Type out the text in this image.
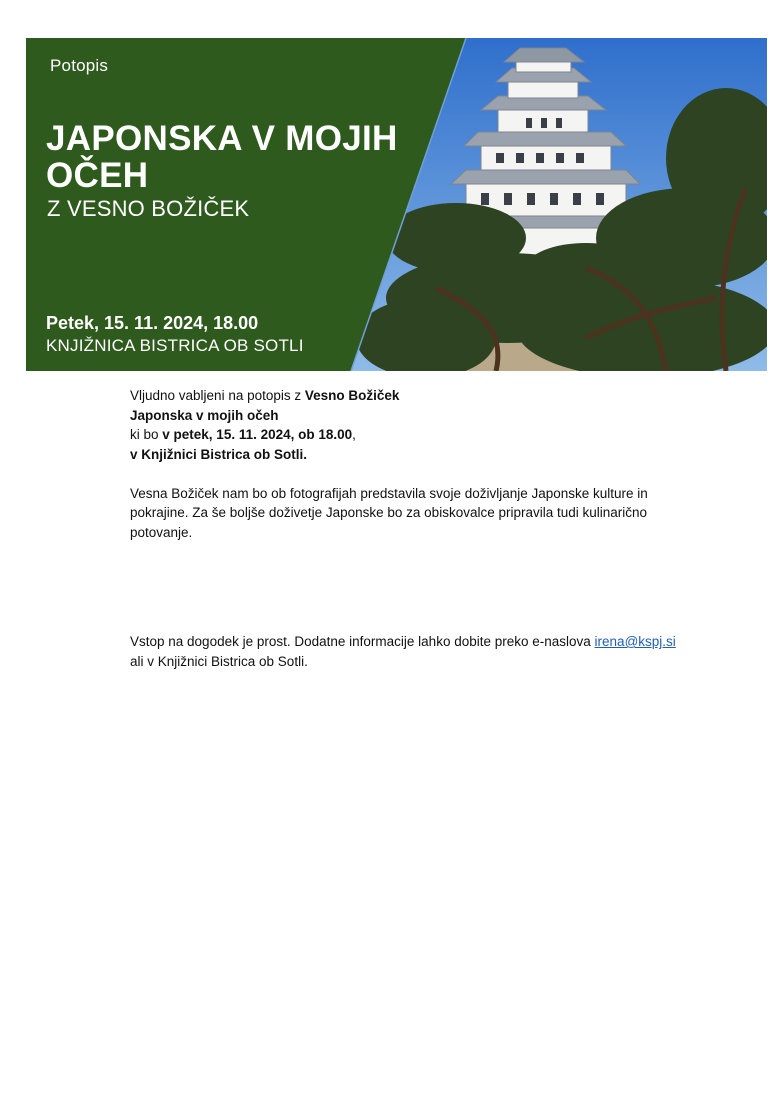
Potopis
JAPONSKA V MOJIH
OČEH
Z VESNO BOŽIČEK
Petek, 15. 11. 2024, 18.00
KNJIŽNICA BISTRICA OB SOTLI

Vljudno vabljeni na potopis z Vesno Božiček

Japonska v mojih očeh

ki bo v petek, 15. 11. 2024, ob 18.00,

v Knjižnici Bistrica ob Sotli.

Vesna Božiček nam bo ob fotografijah predstavila svoje doživljanje Japonske kulture in pokrajine. Za še boljše doživetje Japonske bo za obiskovalce pripravila tudi kulinarično potovanje.

Vstop na dogodek je prost. Dodatne informacije lahko dobite preko e-naslova irena@kspj.si
ali v Knjižnici Bistrica ob Sotli.
